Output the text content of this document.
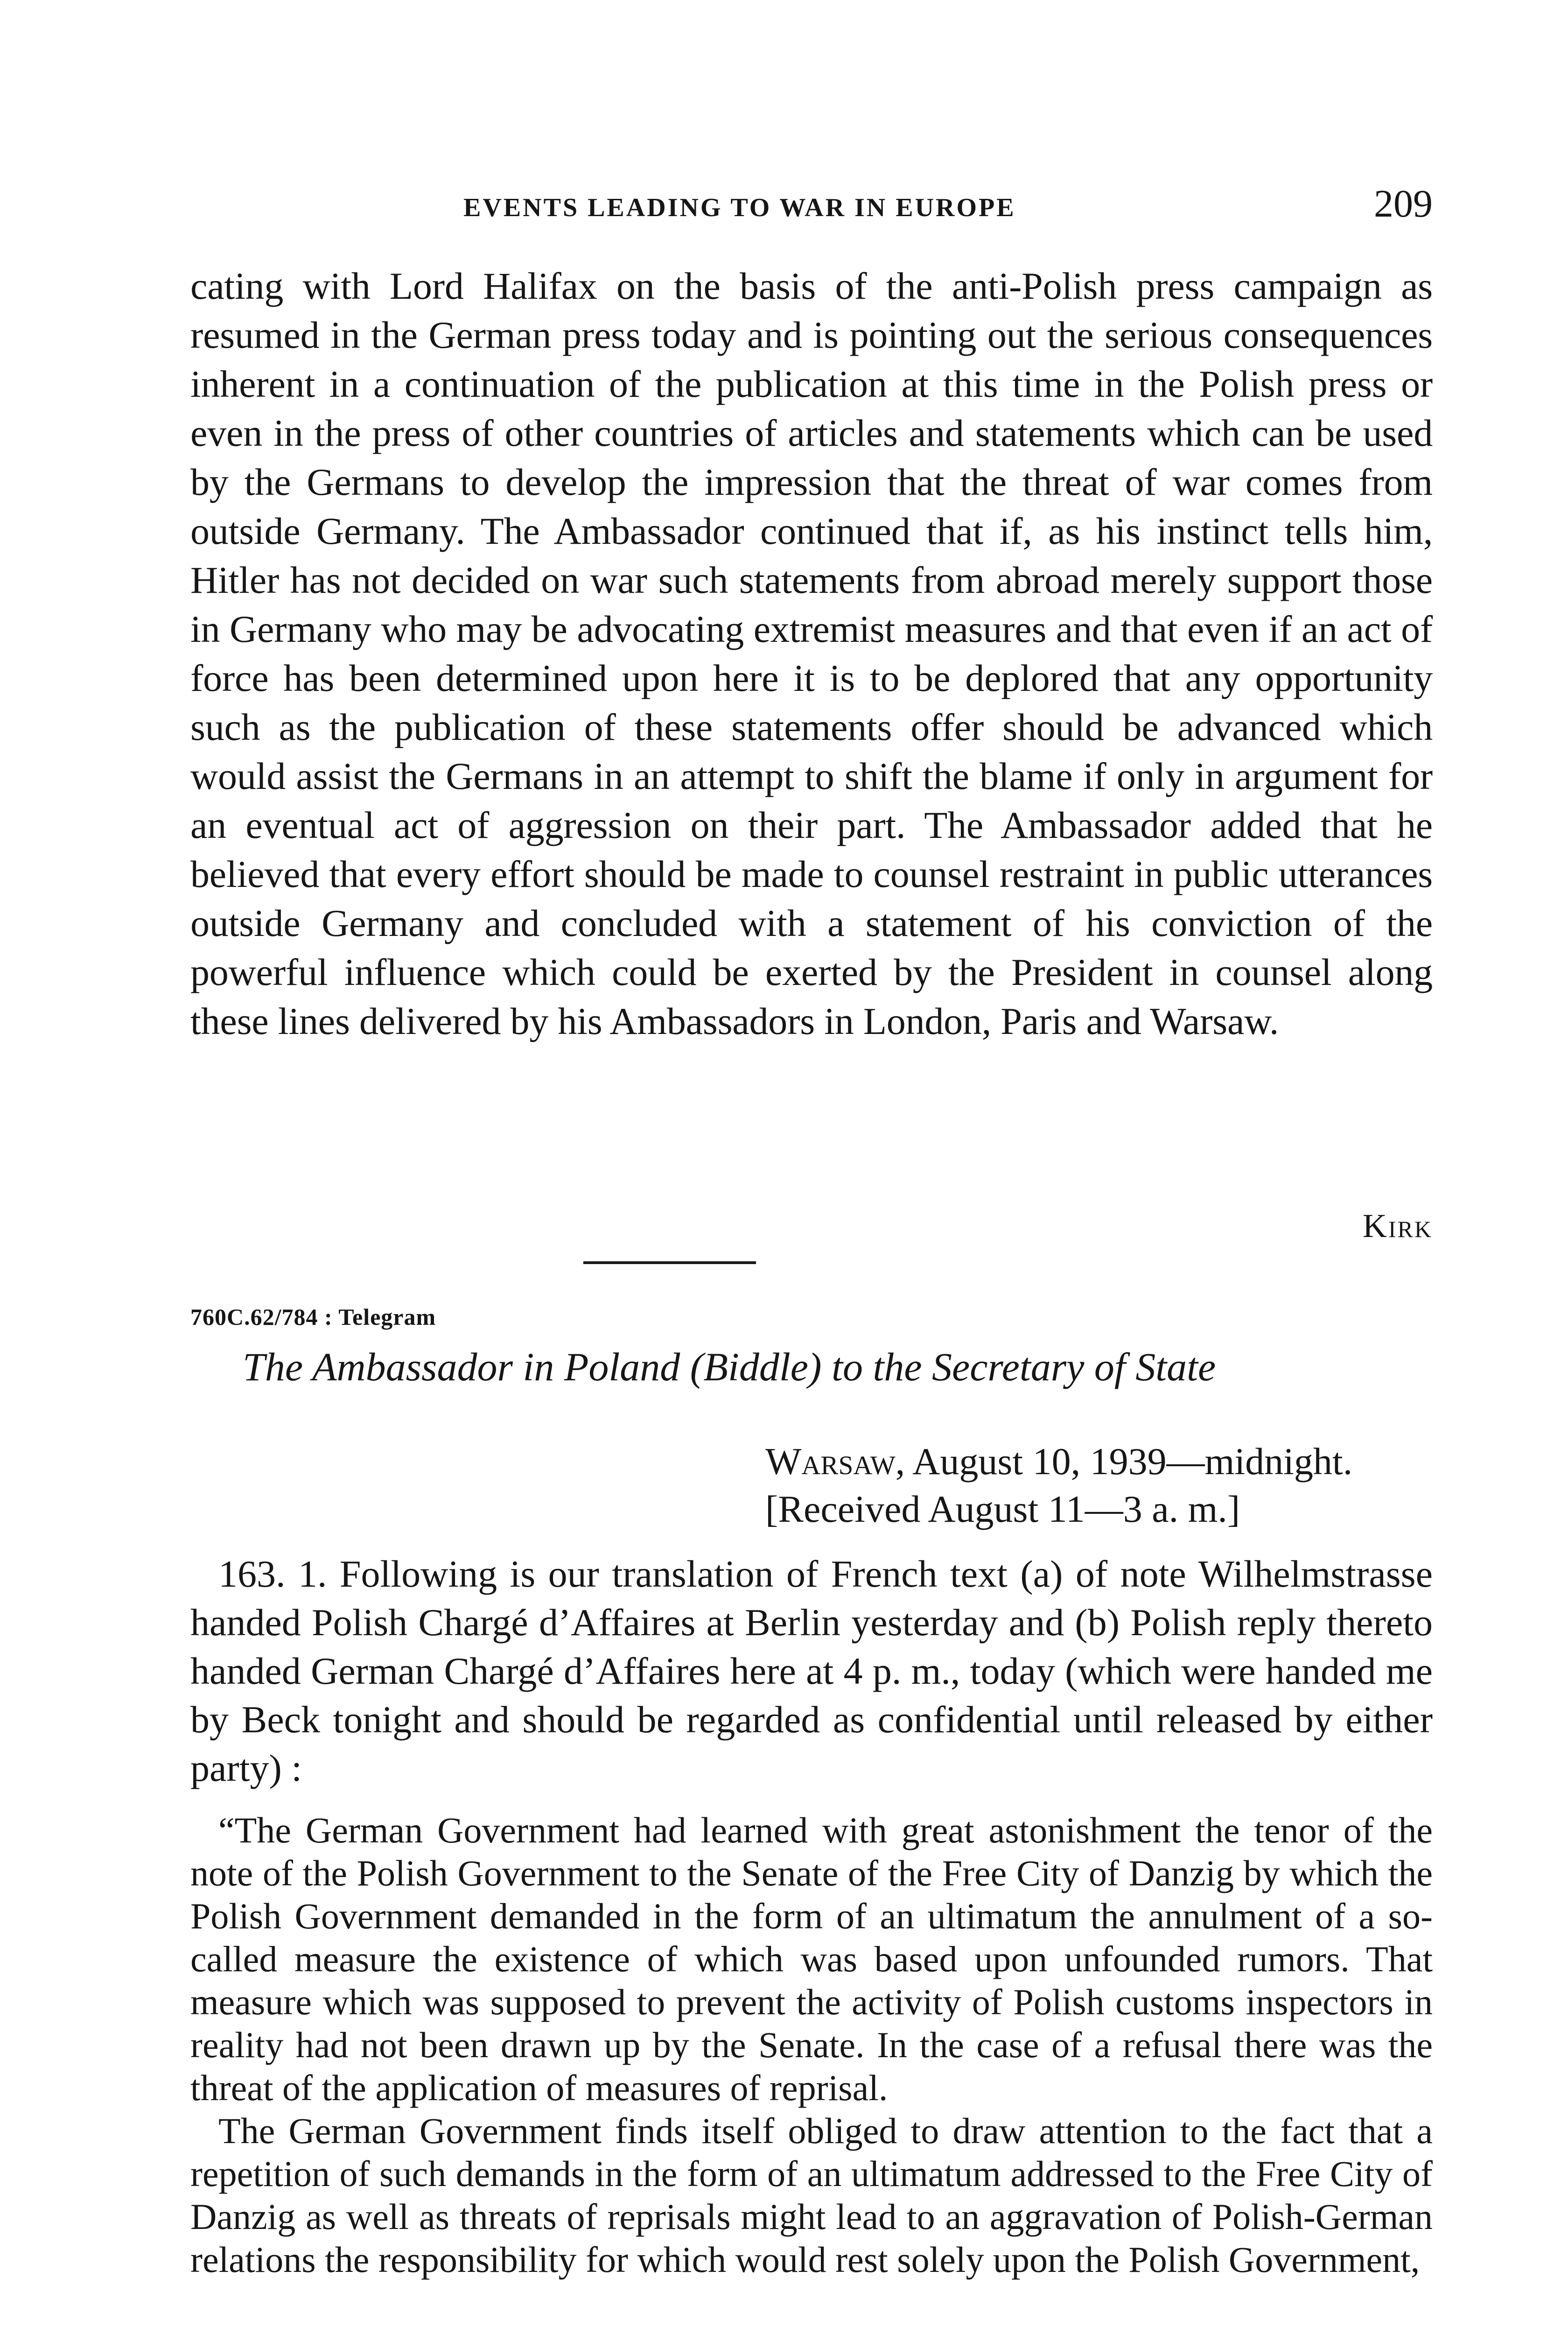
EVENTS LEADING TO WAR IN EUROPE	209

cating with Lord Halifax on the basis of the anti-Polish press campaign as resumed in the German press today and is pointing out the serious consequences inherent in a continuation of the publication at this time in the Polish press or even in the press of other countries of articles and statements which can be used by the Germans to develop the impression that the threat of war comes from outside Germany. The Ambassador continued that if, as his instinct tells him, Hitler has not decided on war such statements from abroad merely support those in Germany who may be advocating extremist measures and that even if an act of force has been determined upon here it is to be deplored that any opportunity such as the publication of these statements offer should be advanced which would assist the Germans in an attempt to shift the blame if only in argument for an eventual act of aggression on their part. The Ambassador added that he believed that every effort should be made to counsel restraint in public utterances outside Germany and concluded with a statement of his conviction of the powerful influence which could be exerted by the President in counsel along these lines delivered by his Ambassadors in London, Paris and Warsaw.

Kirk
760C.62/784 : Telegram
The Ambassador in Poland (Biddle) to the Secretary of State
Warsaw, August 10, 1939—midnight.
[Received August 11—3 a. m.]

163. 1. Following is our translation of French text (a) of note Wilhelmstrasse handed Polish Chargé d’Affaires at Berlin yesterday and (b) Polish reply thereto handed German Chargé d’Affaires here at 4 p. m., today (which were handed me by Beck tonight and should be regarded as confidential until released by either party) :

“The German Government had learned with great astonishment the tenor of the note of the Polish Government to the Senate of the Free City of Danzig by which the Polish Government demanded in the form of an ultimatum the annulment of a so-called measure the existence of which was based upon unfounded rumors. That measure which was supposed to prevent the activity of Polish customs inspectors in reality had not been drawn up by the Senate. In the case of a refusal there was the threat of the application of measures of reprisal.

The German Government finds itself obliged to draw attention to the fact that a repetition of such demands in the form of an ultimatum addressed to the Free City of Danzig as well as threats of reprisals might lead to an aggravation of Polish-German relations the responsibility for which would rest solely upon the Polish Government,
